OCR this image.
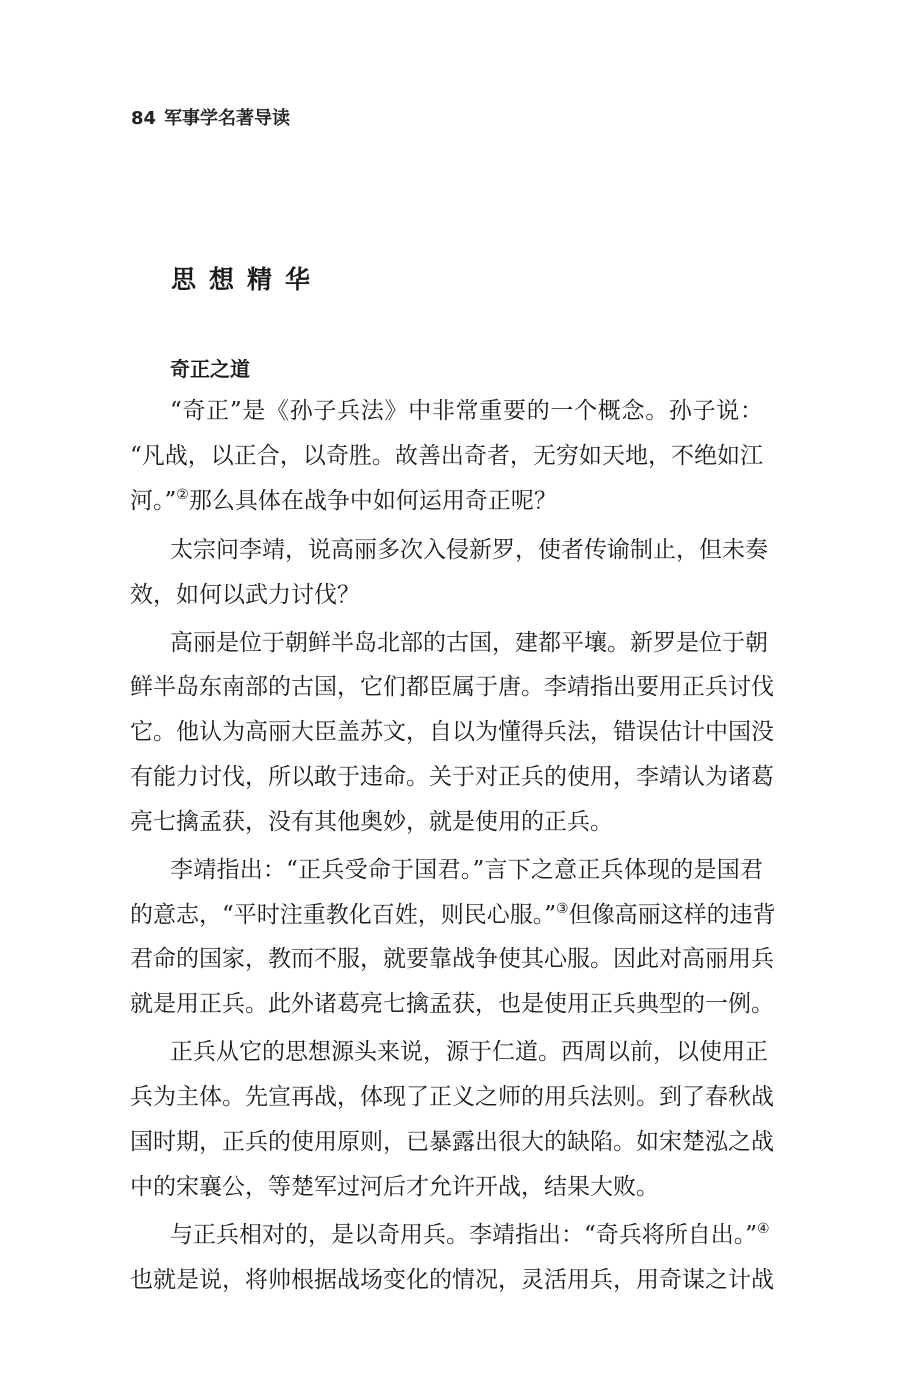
84 军事学名著导读
思想精华
奇正之道
“奇正”是《孙子兵法》中非常重要的一个概念。孙子说：
“凡战，以正合，以奇胜。故善出奇者，无穷如天地，不绝如江
河。”②那么具体在战争中如何运用奇正呢？
太宗问李靖，说高丽多次入侵新罗，使者传谕制止，但未奏
效，如何以武力讨伐？
高丽是位于朝鲜半岛北部的古国，建都平壤。新罗是位于朝
鲜半岛东南部的古国，它们都臣属于唐。李靖指出要用正兵讨伐
它。他认为高丽大臣盖苏文，自以为懂得兵法，错误估计中国没
有能力讨伐，所以敢于违命。关于对正兵的使用，李靖认为诸葛
亮七擒孟获，没有其他奥妙，就是使用的正兵。
李靖指出：“正兵受命于国君。”言下之意正兵体现的是国君
的意志，“平时注重教化百姓，则民心服。”③但像高丽这样的违背
君命的国家，教而不服，就要靠战争使其心服。因此对高丽用兵
就是用正兵。此外诸葛亮七擒孟获，也是使用正兵典型的一例。
正兵从它的思想源头来说，源于仁道。西周以前，以使用正
兵为主体。先宣再战，体现了正义之师的用兵法则。到了春秋战
国时期，正兵的使用原则，已暴露出很大的缺陷。如宋楚泓之战
中的宋襄公，等楚军过河后才允许开战，结果大败。
与正兵相对的，是以奇用兵。李靖指出：“奇兵将所自出。”④
也就是说，将帅根据战场变化的情况，灵活用兵，用奇谋之计战
